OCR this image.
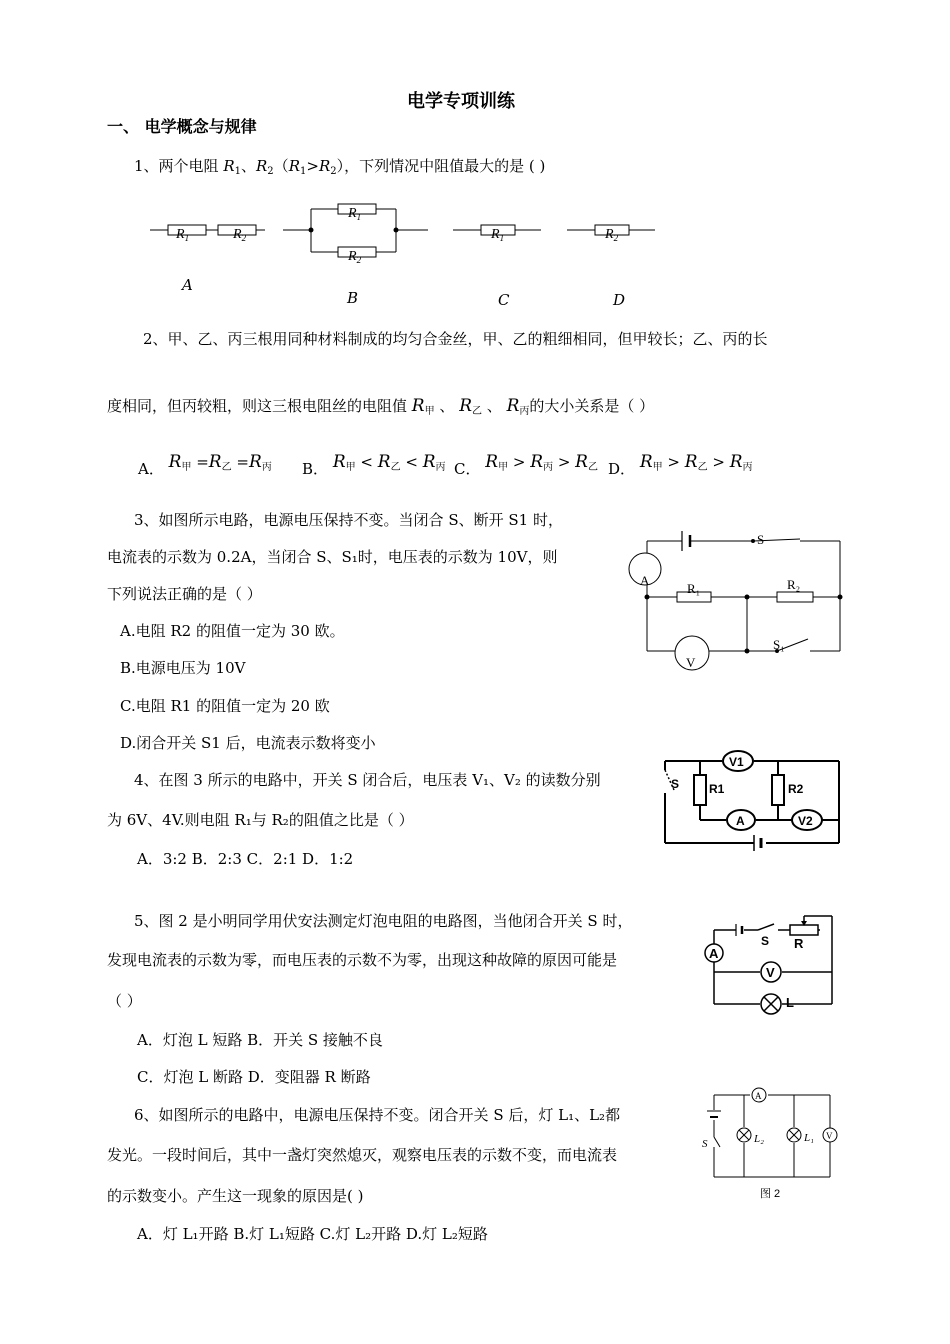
电学专项训练
一、 电学概念与规律
1、两个电阻 $R_1$、$R_2(R_1>R_2)$，下列情况中阻值最大的是 ( )
$R_1$	$R_2$
A
$R_1$
$R_2$
B
$R_1$
C
$R_2$
D
2、甲、乙、丙三根用同种材料制成的均匀合金丝，甲、乙的粗细相同，但甲较长；乙、丙的长
度相同，但丙较粗，则这三根电阻丝的电阻值 $R_甲$ 、 $R_乙$ 、 $R_丙$的大小关系是（ ）
A． $R_甲 =R_乙 =R_丙$ B． $R_甲 < R_乙 < R_丙$ C． $R_甲 > R_丙 > R_乙$ D． $R_甲 > R_乙 > R_丙$
3、如图所示电路，电源电压保持不变。当闭合 S、断开 S1 时，
电流表的示数为 0.2A，当闭合 S、S₁时，电压表的示数为 10V，则
下列说法正确的是（ ）
A.电阻 R2 的阻值一定为 30 欧。
B.电源电压为 10V
C.电阻 R1 的阻值一定为 20 欧
D.闭合开关 S1 后，电流表示数将变小
S
A
R₁	R₂
V
S₁
4、在图 3 所示的电路中，开关 S 闭合后，电压表 V₁、V₂ 的读数分别
为 6V、4V.则电阻 R₁与 R₂的阻值之比是（ ）
A．3:2 B．2:3 C．2:1 D．1:2
V1
V2
A
S R1	R2
5、图 2 是小明同学用伏安法测定灯泡电阻的电路图，当他闭合开关 S 时，
发现电流表的示数为零，而电压表的示数不为零，出现这种故障的原因可能是
（ ）
A．灯泡 L 短路 B．开关 S 接触不良
C．灯泡 L 断路 D．变阻器 R 断路
A
V
S R
L
6、如图所示的电路中，电源电压保持不变。闭合开关 S 后，灯 L₁、L₂都
发光。一段时间后，其中一盏灯突然熄灭，观察电压表的示数不变，而电流表
的示数变小。产生这一现象的原因是( )
A．灯 L₁开路 B.灯 L₁短路 C.灯 L₂开路 D.灯 L₂短路
A
V
S	L₂	L₁
图 2
